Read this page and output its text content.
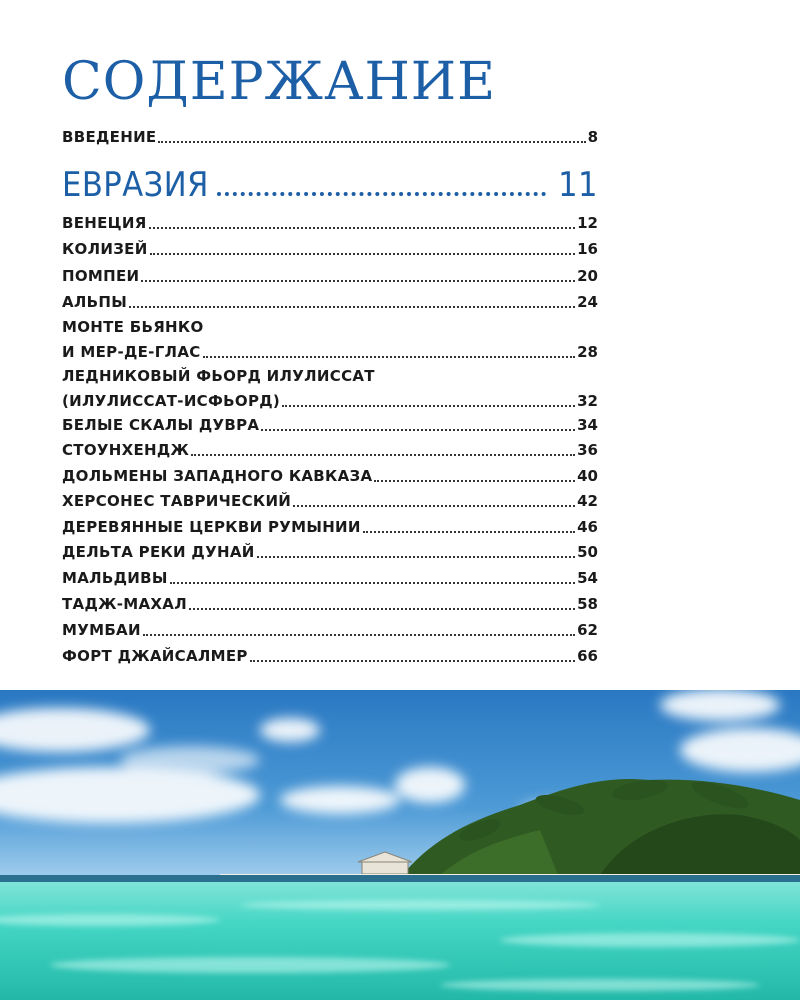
СОДЕРЖАНИЕ
ВВЕДЕНИЕ	8
ЕВРАЗИЯ	11
ВЕНЕЦИЯ	12
КОЛИЗЕЙ	16
ПОМПЕИ	20
АЛЬПЫ	24
МОНТЕ БЬЯНКО
И МЕР-ДЕ-ГЛАС	28
ЛЕДНИКОВЫЙ ФЬОРД ИЛУЛИССАТ
(ИЛУЛИССАТ-ИСФЬОРД)	32
БЕЛЫЕ СКАЛЫ ДУВРА	34
СТОУНХЕНДЖ	36
ДОЛЬМЕНЫ ЗАПАДНОГО КАВКАЗА	40
ХЕРСОНЕС ТАВРИЧЕСКИЙ	42
ДЕРЕВЯННЫЕ ЦЕРКВИ РУМЫНИИ	46
ДЕЛЬТА РЕКИ ДУНАЙ	50
МАЛЬДИВЫ	54
ТАДЖ-МАХАЛ	58
МУМБАИ	62
ФОРТ ДЖАЙСАЛМЕР	66
